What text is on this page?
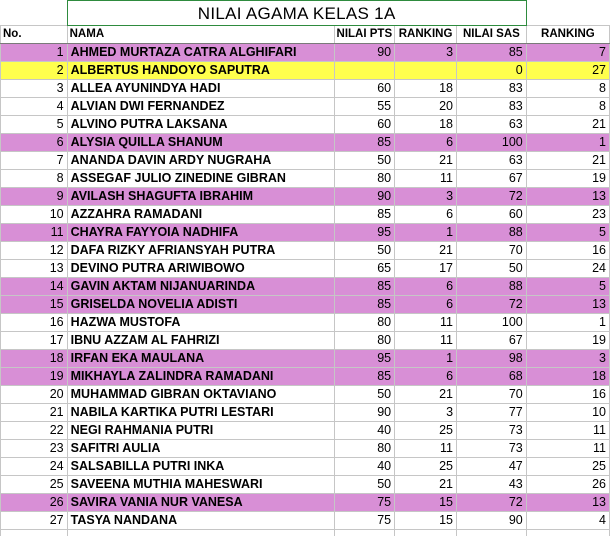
	NILAI AGAMA KELAS 1A				
No.	NAMA	NILAI PTS	RANKING	NILAI SAS	RANKING
1	AHMED MURTAZA CATRA ALGHIFARI	90	3	85	7
2	ALBERTUS HANDOYO SAPUTRA			0	27
3	ALLEA AYUNINDYA HADI	60	18	83	8
4	ALVIAN DWI FERNANDEZ	55	20	83	8
5	ALVINO PUTRA LAKSANA	60	18	63	21
6	ALYSIA QUILLA SHANUM	85	6	100	1
7	ANANDA DAVIN ARDY NUGRAHA	50	21	63	21
8	ASSEGAF JULIO ZINEDINE GIBRAN	80	11	67	19
9	AVILASH SHAGUFTA IBRAHIM	90	3	72	13
10	AZZAHRA RAMADANI	85	6	60	23
11	CHAYRA FAYYOIA NADHIFA	95	1	88	5
12	DAFA RIZKY AFRIANSYAH PUTRA	50	21	70	16
13	DEVINO PUTRA ARIWIBOWO	65	17	50	24
14	GAVIN AKTAM NIJANUARINDA	85	6	88	5
15	GRISELDA NOVELIA ADISTI	85	6	72	13
16	HAZWA MUSTOFA	80	11	100	1
17	IBNU AZZAM AL FAHRIZI	80	11	67	19
18	IRFAN EKA MAULANA	95	1	98	3
19	MIKHAYLA ZALINDRA RAMADANI	85	6	68	18
20	MUHAMMAD GIBRAN OKTAVIANO	50	21	70	16
21	NABILA KARTIKA PUTRI LESTARI	90	3	77	10
22	NEGI RAHMANIA PUTRI	40	25	73	11
23	SAFITRI AULIA	80	11	73	11
24	SALSABILLA PUTRI INKA	40	25	47	25
25	SAVEENA MUTHIA MAHESWARI	50	21	43	26
26	SAVIRA VANIA NUR VANESA	75	15	72	13
27	TASYA NANDANA	75	15	90	4
